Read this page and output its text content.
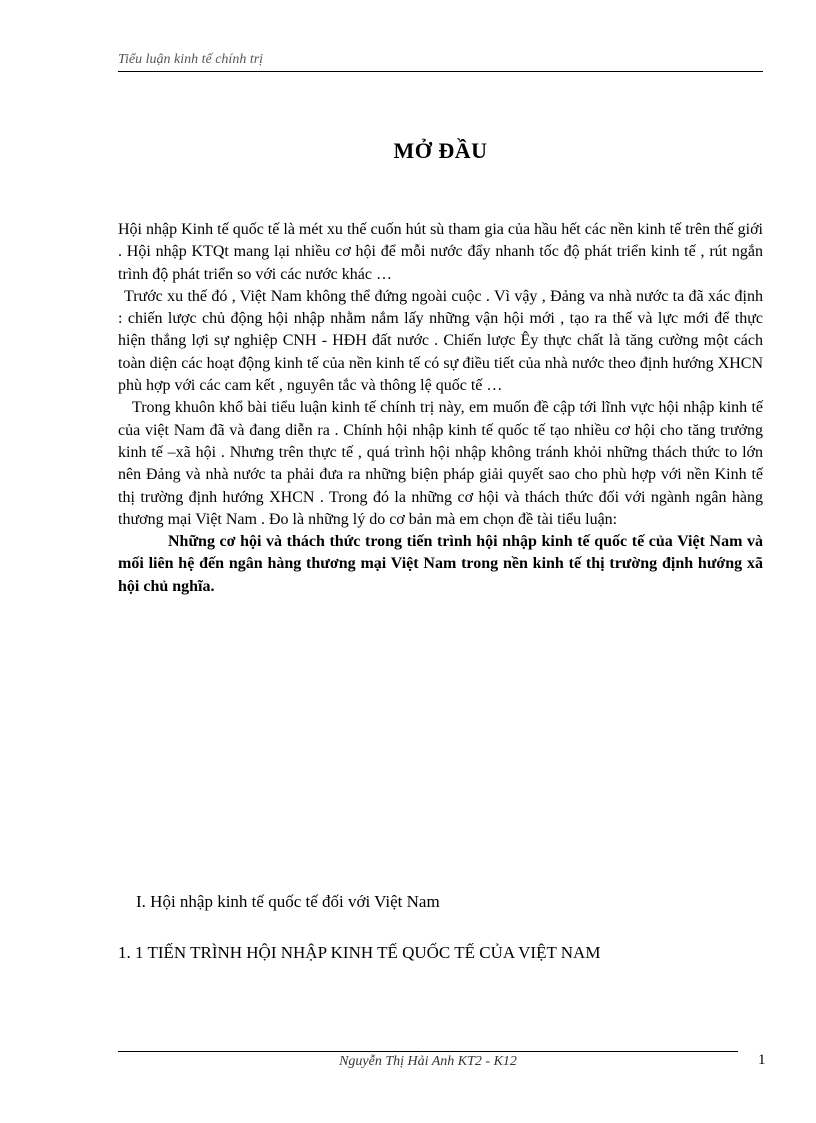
Tiểu luận kinh tế chính trị
MỞ ĐẦU

Hội nhập Kinh tế quốc tế là mét xu thế cuốn hút sù tham gia của hầu hết các nền kinh tế trên thế giới . Hội nhập KTQt mang lại nhiều cơ hội để mỗi nước đẩy nhanh tốc độ phát triển kinh tế , rút ngắn trình độ phát triển so với các nước khác …

Trước xu thế đó , Việt Nam không thể đứng ngoài cuộc . Vì vậy , Đảng va nhà nước ta đã xác định : chiến lược chủ động hội nhập nhằm nắm lấy những vận hội mới , tạo ra thế và lực mới để thực hiện thắng lợi sự nghiệp CNH - HĐH đất nước . Chiến lược Êy thực chất là tăng cường một cách toàn diện các hoạt động kinh tế của nền kinh tế có sự điều tiết của nhà nước theo định hướng XHCN phù hợp với các cam kết , nguyên tắc và thông lệ quốc tế …

Trong khuôn khổ bài tiểu luận kinh tế chính trị này, em muốn đề cập tới lĩnh vực hội nhập kinh tế của việt Nam đã và đang diễn ra . Chính hội nhập kinh tế quốc tế tạo nhiều cơ hội cho tăng trưởng kinh tế –xã hội . Nhưng trên thực tế , quá trình hội nhập không tránh khỏi những thách thức to lớn nên Đảng và nhà nước ta phải đưa ra những biện pháp giải quyết sao cho phù hợp với nền Kinh tế thị trường định hướng XHCN . Trong đó la những cơ hội và thách thức đối với ngành ngân hàng thương mại Việt Nam . Đo là những lý do cơ bản mà em chọn đề tài tiểu luận:

Những cơ hội và thách thức trong tiến trình hội nhập kinh tế quốc tế của Việt Nam và mối liên hệ đến ngân hàng thương mại Việt Nam trong nền kinh tế thị trường định hướng xã hội chủ nghĩa.

I. Hội nhập kinh tế quốc tế đối với Việt Nam
1. 1 TIẾN TRÌNH HỘI NHẬP KINH TẾ QUỐC TẾ CỦA VIỆT NAM
Nguyễn Thị Hải Anh KT2 - K12	1
